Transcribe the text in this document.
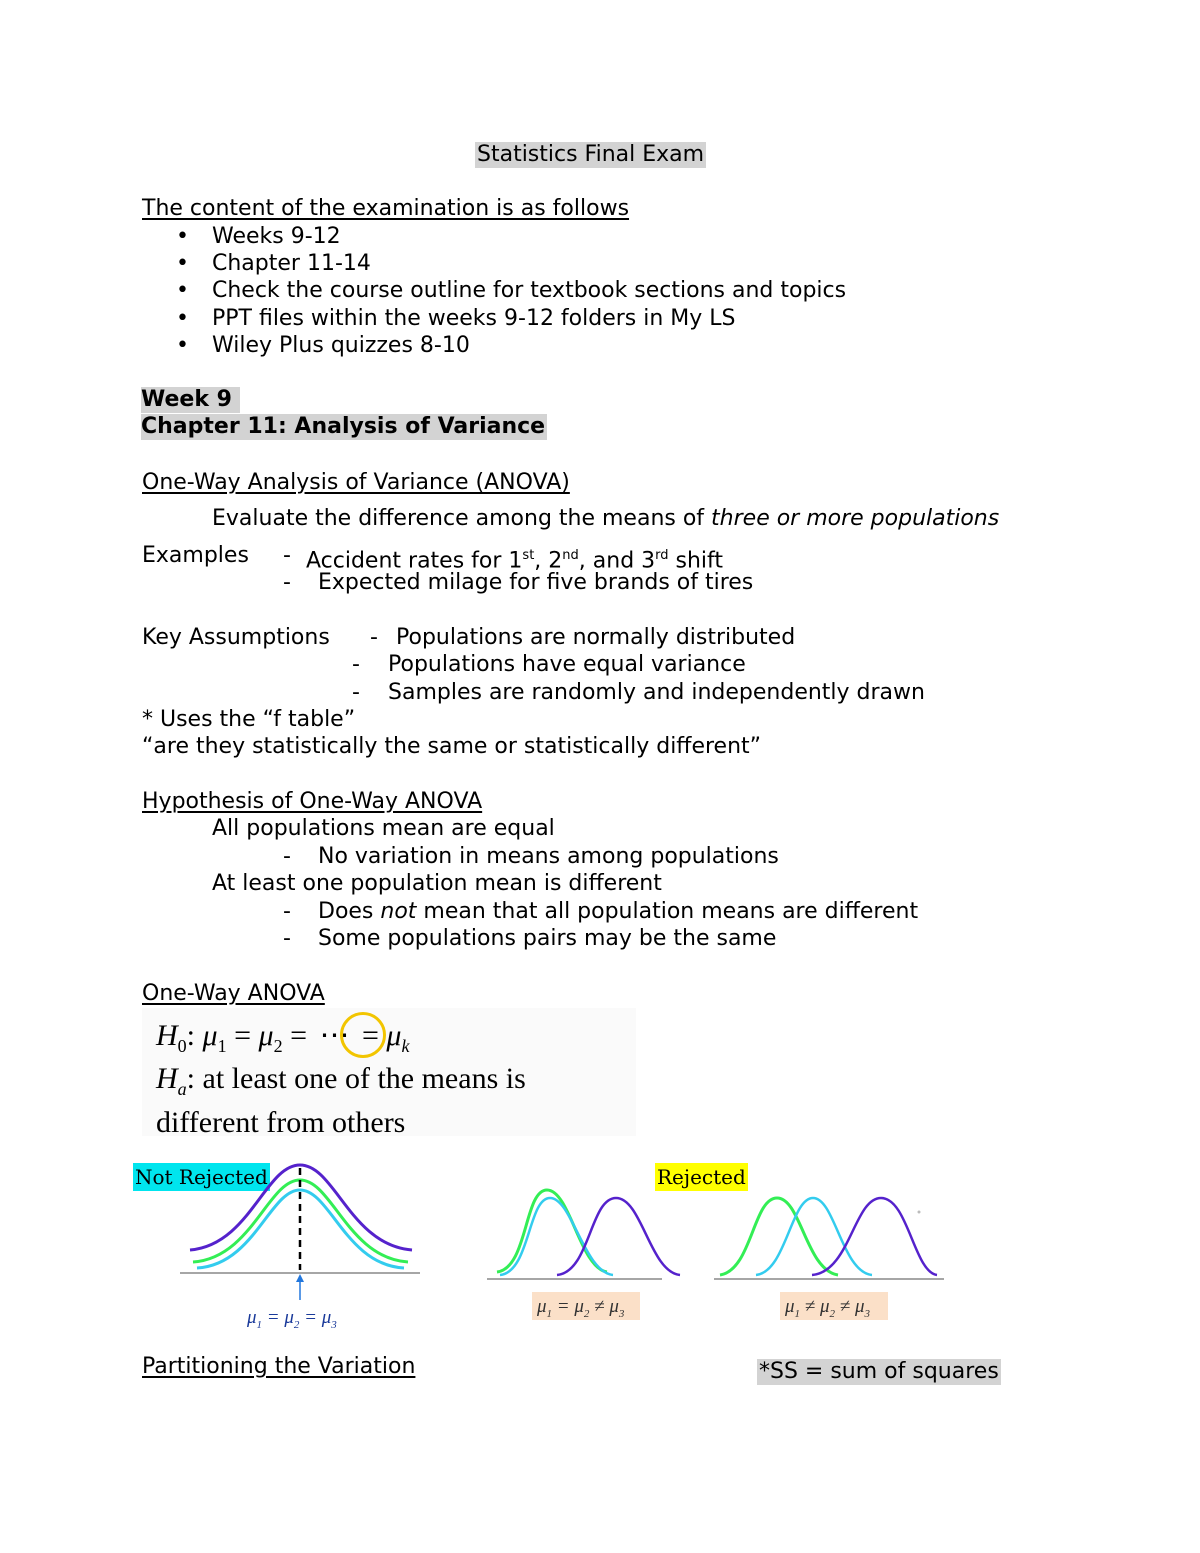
Statistics Final Exam
The content of the examination is as follows
• Weeks 9-12
• Chapter 11-14
• Check the course outline for textbook sections and topics
• PPT files within the weeks 9-12 folders in My LS
• Wiley Plus quizzes 8-10
Week 9
Chapter 11: Analysis of Variance
One-Way Analysis of Variance (ANOVA)
Evaluate the difference among the means of three or more populations
Examples - Accident rates for 1st, 2nd, and 3rd shift
- Expected milage for five brands of tires
Key Assumptions - Populations are normally distributed
- Populations have equal variance
- Samples are randomly and independently drawn
* Uses the “f table”
“are they statistically the same or statistically different”
Hypothesis of One-Way ANOVA
All populations mean are equal
- No variation in means among populations
At least one population mean is different
- Does not mean that all population means are different
- Some populations pairs may be the same
One-Way ANOVA
$H_0$: $\mu_1 = \mu_2$ = ⋯ = $\mu_k$
$H_a$: at least one of the means is
different from others
Not Rejected	Rejected
$\mu_1 = \mu_2 = \mu_3$
$\mu_1 = \mu_2 \ne \mu_3$	$\mu_1 \ne \mu_2 \ne \mu_3$
Partitioning the Variation	*SS = sum of squares
